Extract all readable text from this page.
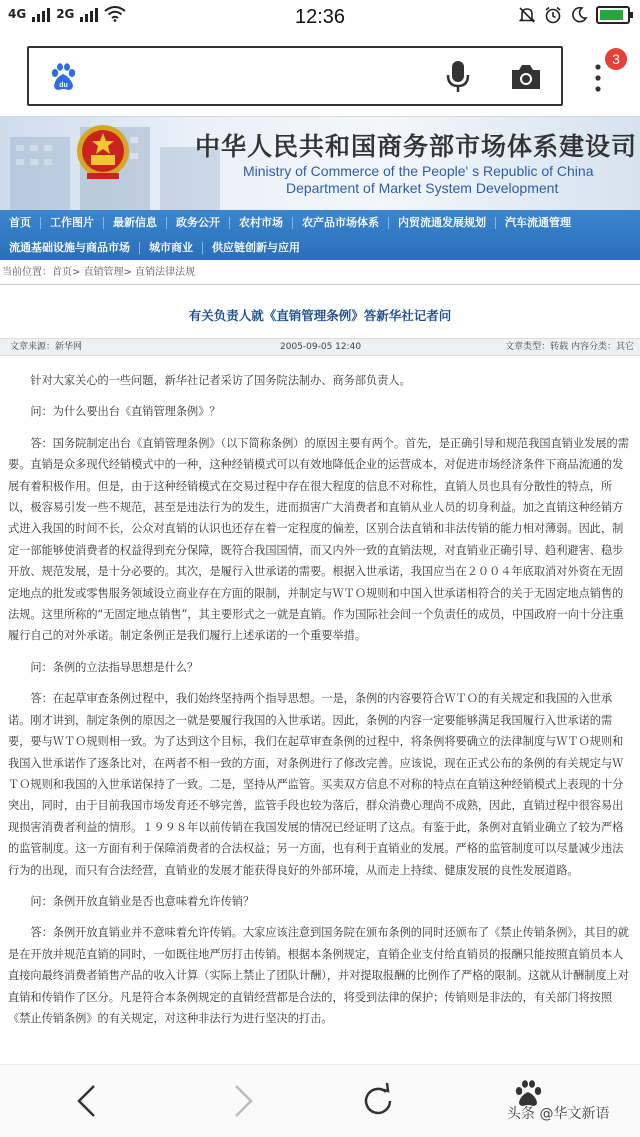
4G	2G	12:36
du
3
中华人民共和国商务部市场体系建设司
Ministry of Commerce of the People' s Republic of China
Department of Market System Development
首页	工作图片	最新信息	政务公开	农村市场	农产品市场体系	内贸流通发展规划	汽车流通管理
流通基础设施与商品市场	城市商业	供应链创新与应用
当前位置：首页> 直销管理> 直销法律法规
有关负责人就《直销管理条例》答新华社记者问
文章来源：新华网	2005-09-05 12:40	文章类型：转载 内容分类：其它

针对大家关心的一些问题，新华社记者采访了国务院法制办、商务部负责人。

问：为什么要出台《直销管理条例》？

答：国务院制定出台《直销管理条例》（以下简称条例）的原因主要有两个。首先，是正确引导和规范我国直销业发展的需要。直销是众多现代经销模式中的一种，这种经销模式可以有效地降低企业的运营成本，对促进市场经济条件下商品流通的发展有着积极作用。但是，由于这种经销模式在交易过程中存在很大程度的信息不对称性，直销人员也具有分散性的特点，所以，极容易引发一些不规范，甚至是违法行为的发生，进而损害广大消费者和直销从业人员的切身利益。加之直销这种经销方式进入我国的时间不长，公众对直销的认识也还存在着一定程度的偏差，区别合法直销和非法传销的能力相对薄弱。因此，制定一部能够使消费者的权益得到充分保障，既符合我国国情，而又内外一致的直销法规，对直销业正确引导、趋利避害、稳步开放、规范发展，是十分必要的。其次，是履行入世承诺的需要。根据入世承诺，我国应当在２００４年底取消对外资在无固定地点的批发或零售服务领域设立商业存在方面的限制，并制定与ＷＴＯ规则和中国入世承诺相符合的关于无固定地点销售的法规。这里所称的“无固定地点销售”，其主要形式之一就是直销。作为国际社会间一个负责任的成员，中国政府一向十分注重履行自己的对外承诺。制定条例正是我们履行上述承诺的一个重要举措。

问：条例的立法指导思想是什么？

答：在起草审查条例过程中，我们始终坚持两个指导思想。一是，条例的内容要符合ＷＴＯ的有关规定和我国的入世承诺。刚才讲到，制定条例的原因之一就是要履行我国的入世承诺。因此，条例的内容一定要能够满足我国履行入世承诺的需要，要与ＷＴＯ规则相一致。为了达到这个目标，我们在起草审查条例的过程中，将条例将要确立的法律制度与ＷＴＯ规则和我国入世承诺作了逐条比对，在两者不相一致的方面，对条例进行了修改完善。应该说，现在正式公布的条例的有关规定与ＷＴＯ规则和我国的入世承诺保持了一致。二是，坚持从严监管。买卖双方信息不对称的特点在直销这种经销模式上表现的十分突出，同时，由于目前我国市场发育还不够完善，监管手段也较为落后，群众消费心理尚不成熟，因此，直销过程中很容易出现损害消费者利益的情形。１９９８年以前传销在我国发展的情况已经证明了这点。有鉴于此，条例对直销业确立了较为严格的监管制度。这一方面有利于保障消费者的合法权益；另一方面，也有利于直销业的发展。严格的监管制度可以尽量减少违法行为的出现，而只有合法经营，直销业的发展才能获得良好的外部环境，从而走上持续、健康发展的良性发展道路。

问：条例开放直销业是否也意味着允许传销？

答：条例开放直销业并不意味着允许传销。大家应该注意到国务院在颁布条例的同时还颁布了《禁止传销条例》，其目的就是在开放并规范直销的同时，一如既往地严厉打击传销。根据本条例规定，直销企业支付给直销员的报酬只能按照直销员本人直接向最终消费者销售产品的收入计算（实际上禁止了团队计酬），并对提取报酬的比例作了严格的限制。这就从计酬制度上对直销和传销作了区分。凡是符合本条例规定的直销经营都是合法的，将受到法律的保护；传销则是非法的，有关部门将按照《禁止传销条例》的有关规定，对这种非法行为进行坚决的打击。

头条 @华文新语
